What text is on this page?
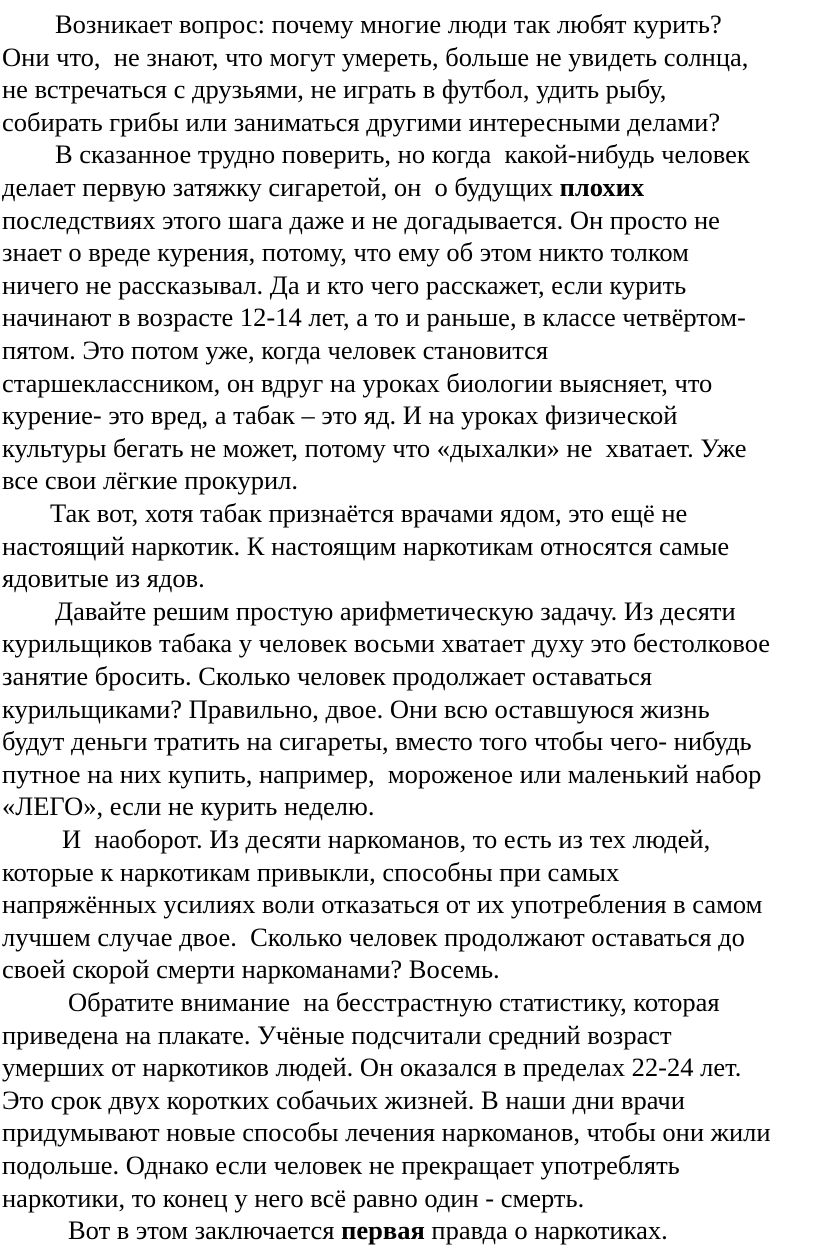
Возникает вопрос: почему многие люди так любят курить?
Они что,  не знают, что могут умереть, больше не увидеть солнца,
не встречаться с друзьями, не играть в футбол, удить рыбу,
собирать грибы или заниматься другими интересными делами?
В сказанное трудно поверить, но когда  какой-нибудь человек
делает первую затяжку сигаретой, он  о будущих плохих
последствиях этого шага даже и не догадывается. Он просто не
знает о вреде курения, потому, что ему об этом никто толком
ничего не рассказывал. Да и кто чего расскажет, если курить
начинают в возрасте 12-14 лет, а то и раньше, в классе четвёртом-
пятом. Это потом уже, когда человек становится
старшеклассником, он вдруг на уроках биологии выясняет, что
курение- это вред, а табак – это яд. И на уроках физической
культуры бегать не может, потому что «дыхалки» не  хватает. Уже
все свои лёгкие прокурил.
Так вот, хотя табак признаётся врачами ядом, это ещё не
настоящий наркотик. К настоящим наркотикам относятся самые
ядовитые из ядов.
Давайте решим простую арифметическую задачу. Из десяти
курильщиков табака у человек восьми хватает духу это бестолковое
занятие бросить. Сколько человек продолжает оставаться
курильщиками? Правильно, двое. Они всю оставшуюся жизнь
будут деньги тратить на сигареты, вместо того чтобы чего- нибудь
путное на них купить, например,  мороженое или маленький набор
«ЛЕГО», если не курить неделю.
И  наоборот. Из десяти наркоманов, то есть из тех людей,
которые к наркотикам привыкли, способны при самых
напряжённых усилиях воли отказаться от их употребления в самом
лучшем случае двое.  Сколько человек продолжают оставаться до
своей скорой смерти наркоманами? Восемь.
Обратите внимание  на бесстрастную статистику, которая
приведена на плакате. Учёные подсчитали средний возраст
умерших от наркотиков людей. Он оказался в пределах 22-24 лет.
Это срок двух коротких собачьих жизней. В наши дни врачи
придумывают новые способы лечения наркоманов, чтобы они жили
подольше. Однако если человек не прекращает употреблять
наркотики, то конец у него всё равно один - смерть.
Вот в этом заключается первая правда о наркотиках.
